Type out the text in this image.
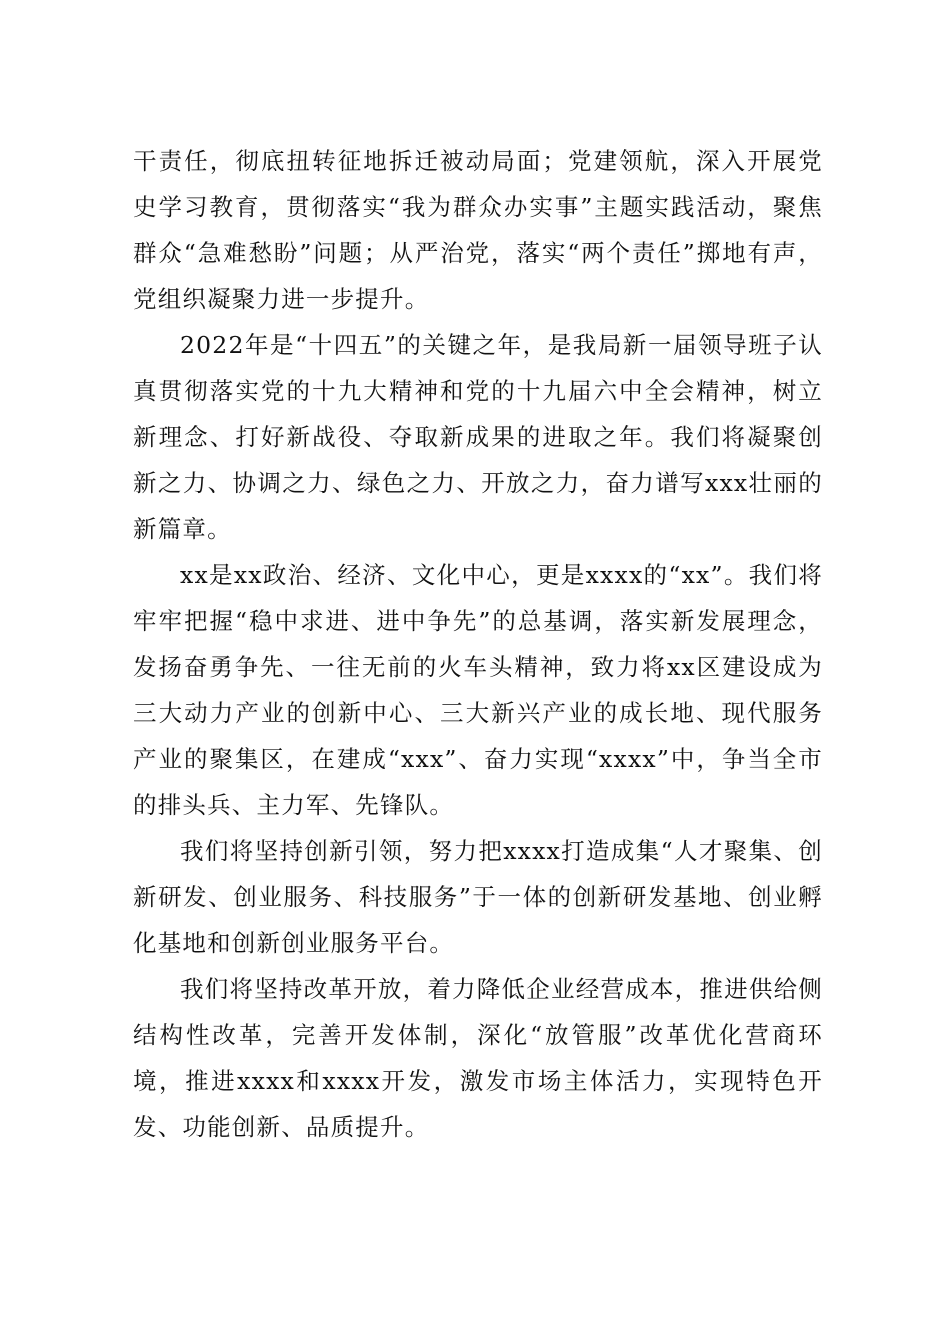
干责任，彻底扭转征地拆迁被动局面；党建领航，深入开展党史学习教育，贯彻落实“我为群众办实事”主题实践活动，聚焦群众“急难愁盼”问题；从严治党，落实“两个责任”掷地有声，党组织凝聚力进一步提升。

2022年是“十四五”的关键之年，是我局新一届领导班子认真贯彻落实党的十九大精神和党的十九届六中全会精神，树立新理念、打好新战役、夺取新成果的进取之年。我们将凝聚创新之力、协调之力、绿色之力、开放之力，奋力谱写xxx壮丽的新篇章。

xx是xx政治、经济、文化中心，更是xxxx的“xx”。我们将牢牢把握“稳中求进、进中争先”的总基调，落实新发展理念，发扬奋勇争先、一往无前的火车头精神，致力将xx区建设成为三大动力产业的创新中心、三大新兴产业的成长地、现代服务产业的聚集区，在建成“xxx”、奋力实现“xxxx”中，争当全市的排头兵、主力军、先锋队。

我们将坚持创新引领，努力把xxxx打造成集“人才聚集、创新研发、创业服务、科技服务”于一体的创新研发基地、创业孵化基地和创新创业服务平台。

我们将坚持改革开放，着力降低企业经营成本，推进供给侧结构性改革，完善开发体制，深化“放管服”改革优化营商环境，推进xxxx和xxxx开发，激发市场主体活力，实现特色开发、功能创新、品质提升。
